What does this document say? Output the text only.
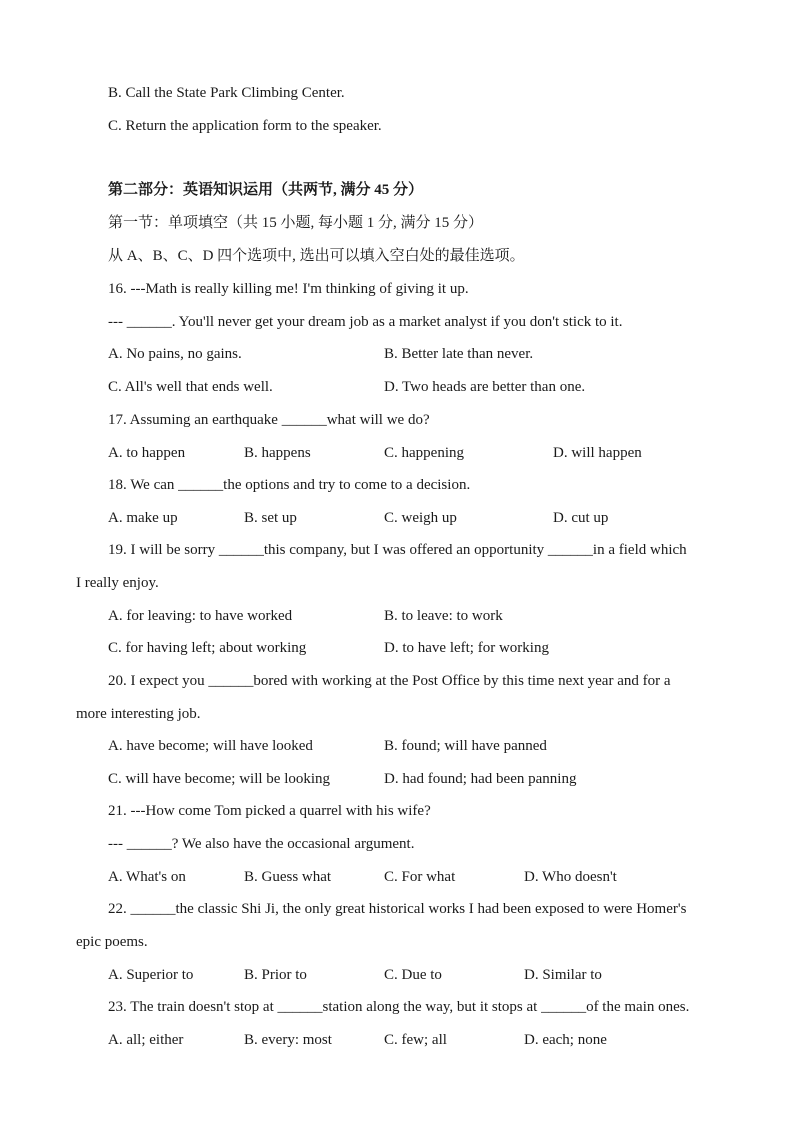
B. Call the State Park Climbing Center.
C. Return the application form to the speaker.
第二部分：英语知识运用（共两节, 满分 45 分）
第一节：单项填空（共 15 小题, 每小题 1 分, 满分 15 分）
从 A、B、C、D 四个选项中, 选出可以填入空白处的最佳选项。
16. ---Math is really killing me! I'm thinking of giving it up.
--- ______. You'll never get your dream job as a market analyst if you don't stick to it.
A. No pains, no gains.	B. Better late than never.
C. All's well that ends well.	D. Two heads are better than one.
17. Assuming an earthquake ______what will we do?
A. to happen	B. happens	C. happening	D. will happen
18. We can ______the options and try to come to a decision.
A. make up	B. set up	C. weigh up	D. cut up
19. I will be sorry ______this company, but I was offered an opportunity ______in a field which
I really enjoy.
A. for leaving: to have worked	B. to leave: to work
C. for having left; about working	D. to have left; for working
20. I expect you ______bored with working at the Post Office by this time next year and for a
more interesting job.
A. have become; will have looked	B. found; will have panned
C. will have become; will be looking	D. had found; had been panning
21. ---How come Tom picked a quarrel with his wife?
--- ______? We also have the occasional argument.
A. What's on	B. Guess what	C. For what	D. Who doesn't
22. ______the classic Shi Ji, the only great historical works I had been exposed to were Homer's
epic poems.
A. Superior to	B. Prior to	C. Due to	D. Similar to
23. The train doesn't stop at ______station along the way, but it stops at ______of the main ones.
A. all; either	B. every: most	C. few; all	D. each; none
